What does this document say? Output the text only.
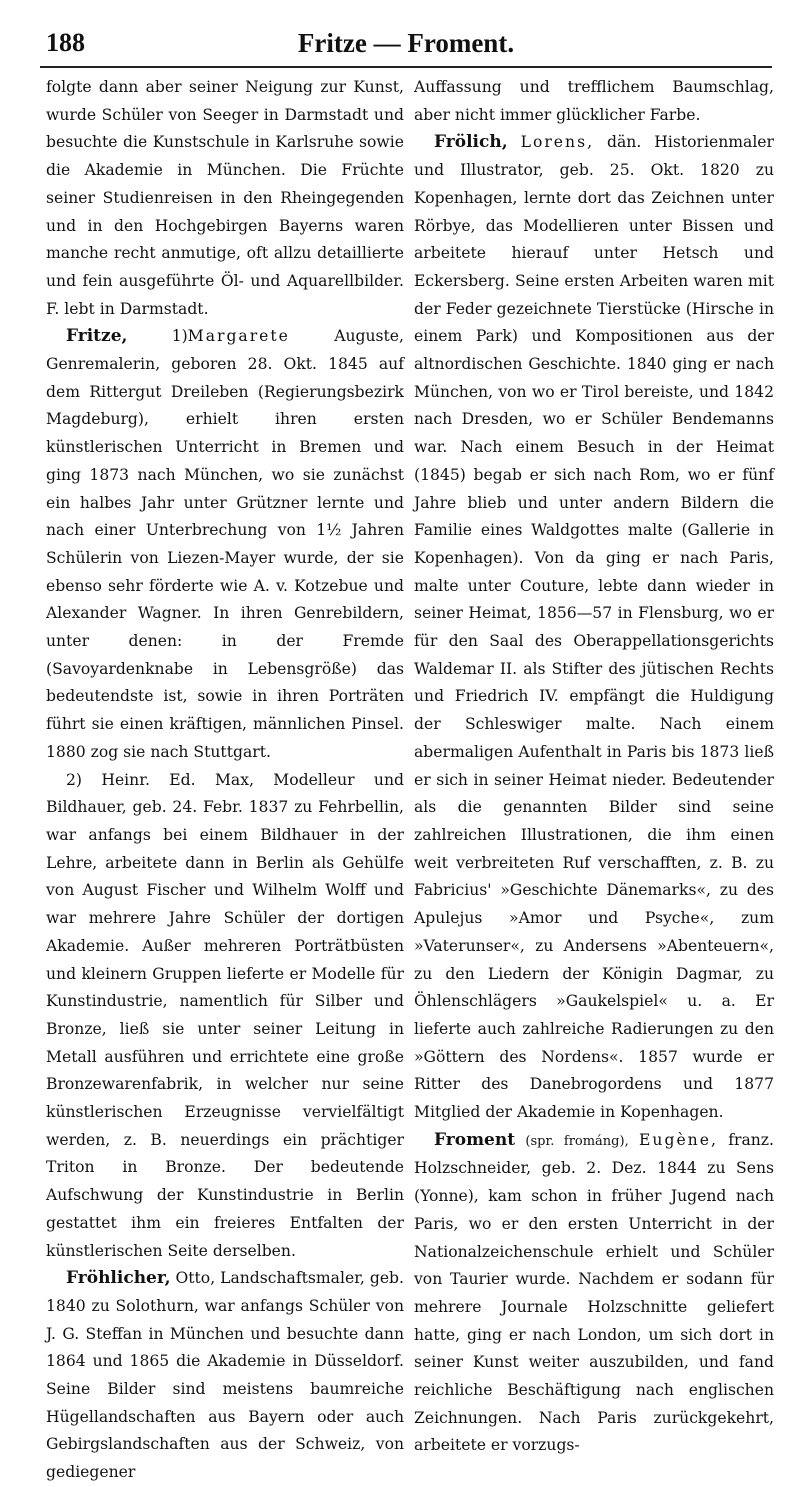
188	Fritze — Froment.

folgte dann aber seiner Neigung zur Kunst, wurde Schüler von Seeger in Darmstadt und besuchte die Kunstschule in Karlsruhe sowie die Akademie in München. Die Früchte seiner Studienreisen in den Rheingegenden und in den Hochgebirgen Bayerns waren manche recht anmutige, oft allzu detaillierte und fein ausgeführte Öl- und Aquarellbilder. F. lebt in Darmstadt.

Fritze,	1)Margarete	Auguste, Genremalerin, geboren 28. Okt. 1845 auf dem Rittergut Dreileben (Regierungsbezirk Magdeburg), erhielt ihren ersten künstlerischen Unterricht in Bremen und ging 1873 nach München, wo sie zunächst ein halbes Jahr unter Grützner lernte und nach einer Unterbrechung von 1½ Jahren Schülerin von Liezen-Mayer wurde, der sie ebenso sehr förderte wie A. v. Kotzebue und Alexander Wagner. In ihren Genrebildern, unter denen: in der Fremde (Savoyardenknabe in Lebensgröße) das bedeutendste ist, sowie in ihren Porträten führt sie einen kräftigen, männlichen Pinsel. 1880 zog sie nach Stuttgart.

2) Heinr. Ed. Max, Modelleur und Bildhauer, geb. 24. Febr. 1837 zu Fehrbellin, war anfangs bei einem Bildhauer in der Lehre, arbeitete dann in Berlin als Gehülfe von August Fischer und Wilhelm Wolff und war mehrere Jahre Schüler der dortigen Akademie. Außer mehreren Porträtbüsten und kleinern Gruppen lieferte er Modelle für Kunstindustrie, namentlich für Silber und Bronze, ließ sie unter seiner Leitung in Metall ausführen und errichtete eine große Bronzewarenfabrik, in welcher nur seine künstlerischen Erzeugnisse vervielfältigt werden, z. B. neuerdings ein prächtiger Triton in Bronze. Der bedeutende Aufschwung der Kunstindustrie in Berlin gestattet ihm ein freieres Entfalten der künstlerischen Seite derselben.

Fröhlicher, Otto, Landschaftsmaler, geb. 1840 zu Solothurn, war anfangs Schüler von J. G. Steffan in München und besuchte dann 1864 und 1865 die Akademie in Düsseldorf. Seine Bilder sind meistens baumreiche Hügellandschaften aus Bayern oder auch Gebirgslandschaften aus der Schweiz, von gediegener

Auffassung und trefflichem Baumschlag, aber nicht immer glücklicher Farbe.

Frölich, Lorens, dän. Historienmaler und Illustrator, geb. 25. Okt. 1820 zu Kopenhagen, lernte dort das Zeichnen unter Rörbye, das Modellieren unter Bissen und arbeitete hierauf unter Hetsch und Eckersberg. Seine ersten Arbeiten waren mit der Feder gezeichnete Tierstücke (Hirsche in einem Park) und Kompositionen aus der altnordischen Geschichte. 1840 ging er nach München, von wo er Tirol bereiste, und 1842 nach Dresden, wo er Schüler Bendemanns war. Nach einem Besuch in der Heimat (1845) begab er sich nach Rom, wo er fünf Jahre blieb und unter andern Bildern die Familie eines Waldgottes malte (Gallerie in Kopenhagen). Von da ging er nach Paris, malte unter Couture, lebte dann wieder in seiner Heimat, 1856—57 in Flensburg, wo er für den Saal des Oberappellationsgerichts Waldemar II. als Stifter des jütischen Rechts und Friedrich IV. empfängt die Huldigung der Schleswiger malte. Nach einem abermaligen Aufenthalt in Paris bis 1873 ließ er sich in seiner Heimat nieder. Bedeutender als die genannten Bilder sind seine zahlreichen Illustrationen, die ihm einen weit verbreiteten Ruf verschafften, z. B. zu Fabricius' »Geschichte Dänemarks«, zu des Apulejus »Amor und Psyche«, zum »Vaterunser«, zu Andersens »Abenteuern«, zu den Liedern der Königin Dagmar, zu Öhlenschlägers »Gaukelspiel« u. a. Er lieferte auch zahlreiche Radierungen zu den »Göttern des Nordens«. 1857 wurde er Ritter des Danebrogordens und 1877 Mitglied der Akademie in Kopenhagen.

Froment (spr. frománg), Eugène, franz. Holzschneider, geb. 2. Dez. 1844 zu Sens (Yonne), kam schon in früher Jugend nach Paris, wo er den ersten Unterricht in der Nationalzeichenschule erhielt und Schüler von Taurier wurde. Nachdem er sodann für mehrere Journale Holzschnitte geliefert hatte, ging er nach London, um sich dort in seiner Kunst weiter auszubilden, und fand reichliche Beschäftigung nach englischen Zeichnungen. Nach Paris zurückgekehrt, arbeitete er vorzugs-
